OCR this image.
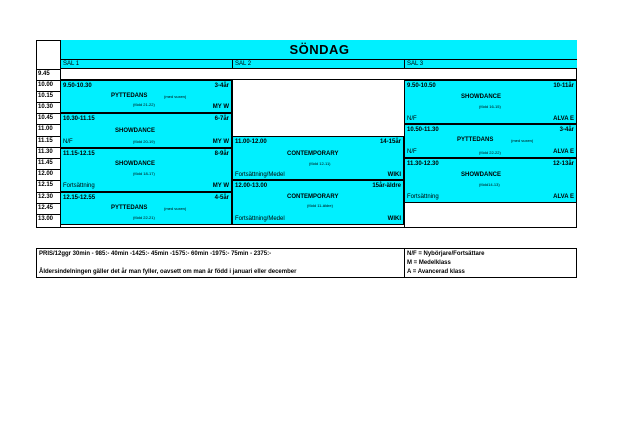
SÖNDAG
SAL 1	SAL 2	SAL 3
9.45
10.00
10.15
10.30
10.45
11.00
11.15
11.30
11.45
12.00
12.15
12.30
12.45
13.00
9.50-10.30	3-4år
PYTTEDANS	(med vuxen)
(född 21-22)	MY W
10.30-11.15	6-7år
SHOWDANCE
N/F	(född 20-19)	MY W
11.15-12.15	8-9år
SHOWDANCE
(född 18-17)
Fortsättning	MY W
12.15-12.55	4-5år
PYTTEDANS	(med vuxen)
(född 22-21)
11.00-12.00	14-15år
CONTEMPORARY
(född 12-11)
Fortsättning/Medel	WIKI
12.00-13.00	15år-äldre
CONTEMPORARY
(född 11-äldre)
Fortsättning/Medel	WIKI
9.50-10.50	10-11år
SHOWDANCE
(född 16-15)
N/F	ALVA E
10.50-11.30	3-4år
PYTTEDANS	(med vuxen)
N/F	(född 22-22)	ALVA E
11.30-12.30	12-13år
SHOWDANCE
(född14-13)
Fortsättning	ALVA E
PRIS/12ggr 30min - 985:- 40min -1425:- 45min -1575:- 60min -1975:- 75min - 2375:-
Åldersindelningen gäller det år man fyller, oavsett om man är född i januari eller december
N/F = Nybörjare/Fortsättare
M = Medelklass
A = Avancerad klass
